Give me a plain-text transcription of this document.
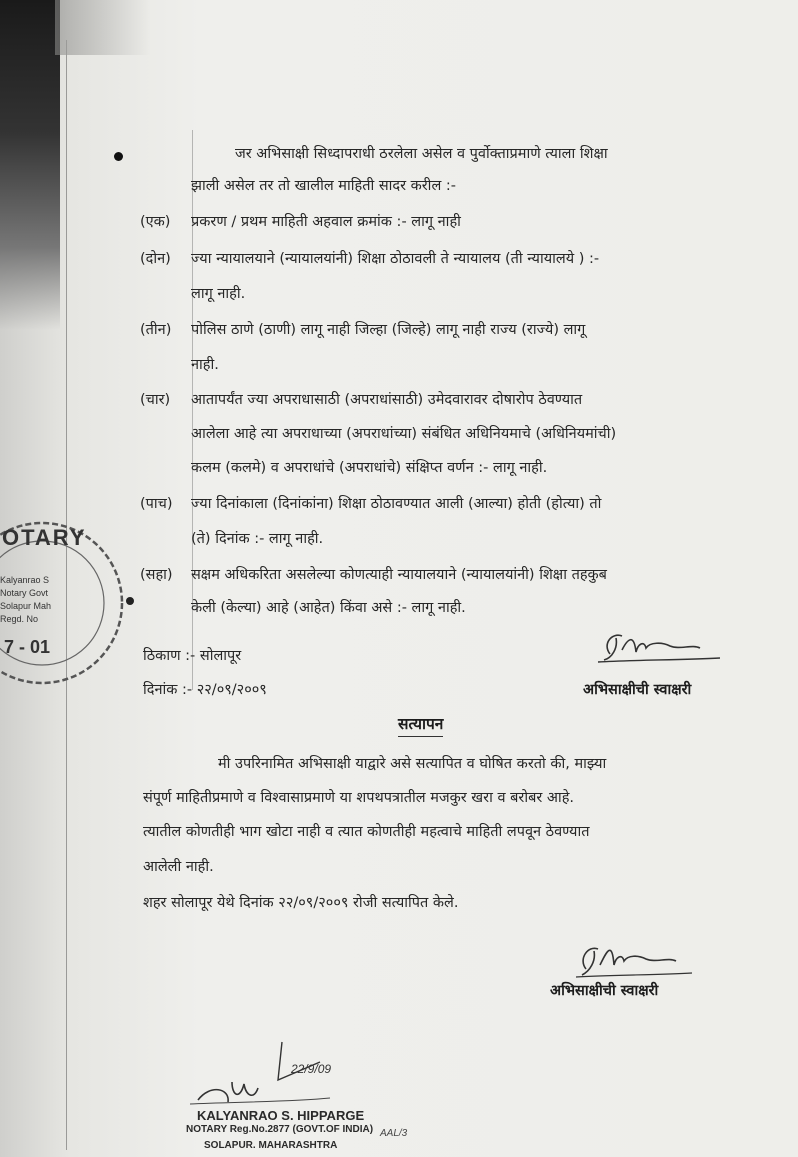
जर अभिसाक्षी सिध्दापराधी ठरलेला असेल व पुर्वोक्ताप्रमाणे त्याला शिक्षा
झाली असेल तर तो खालील माहिती सादर करील :-
(एक) प्रकरण / प्रथम माहिती अहवाल क्रमांक :- लागू नाही
(दोन) ज्या न्यायालयाने (न्यायालयांनी) शिक्षा ठोठावली ते न्यायालय (ती न्यायालये ) :-
लागू नाही.
(तीन) पोलिस ठाणे (ठाणी) लागू नाही जिल्हा (जिल्हे) लागू नाही राज्य (राज्ये) लागू
नाही.
(चार) आतापर्यंत ज्या अपराधासाठी (अपराधांसाठी) उमेदवारावर दोषारोप ठेवण्यात
आलेला आहे त्या अपराधाच्या (अपराधांच्या) संबंधित अधिनियमाचे (अधिनियमांची)
कलम (कलमे) व अपराधांचे (अपराधांचे) संक्षिप्त वर्णन :- लागू नाही.
(पाच) ज्या दिनांकाला (दिनांकांना) शिक्षा ठोठावण्यात आली (आल्या) होती (होत्या) तो
(ते) दिनांक :- लागू नाही.
(सहा) सक्षम अधिकरिता असलेल्या कोणत्याही न्यायालयाने (न्यायालयांनी) शिक्षा तहकुब
केली (केल्या) आहे (आहेत) किंवा असे :- लागू नाही.
ठिकाण :- सोलापूर
दिनांक :- २२/०९/२००९	अभिसाक्षीची स्वाक्षरी
सत्यापन
मी उपरिनामित अभिसाक्षी याद्वारे असे सत्यापित व घोषित करतो की, माझ्या
संपूर्ण माहितीप्रमाणे व विश्वासाप्रमाणे या शपथपत्रातील मजकुर खरा व बरोबर आहे.
त्यातील कोणतीही भाग खोटा नाही व त्यात कोणतीही महत्वाचे माहिती लपवून ठेवण्यात
आलेली नाही.
शहर सोलापूर येथे दिनांक २२/०९/२००९ रोजी सत्यापित केले.
अभिसाक्षीची स्वाक्षरी
OTARY
Kalyanrao S
Notary Govt
Solapur Mah
Regd. No
7 - 01
22/9/09
KALYANRAO S. HIPPARGE
NOTARY Reg.No.2877 (GOVT.OF INDIA)
SOLAPUR. MAHARASHTRA
AAL/3
